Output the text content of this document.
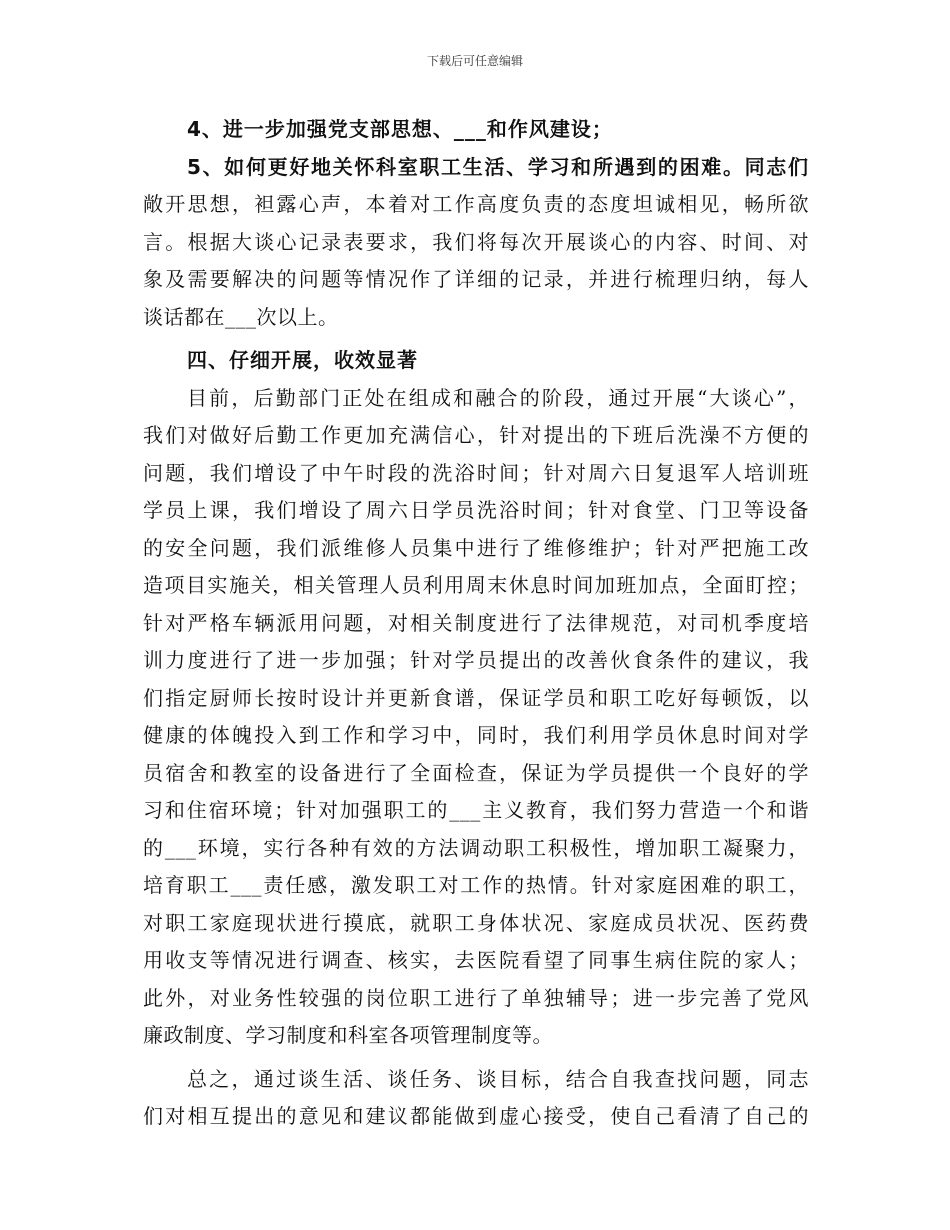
下载后可任意编辑
4、进一步加强党支部思想、___和作风建设；
5、如何更好地关怀科室职工生活、学习和所遇到的困难。同志们
敞开思想，袒露心声，本着对工作高度负责的态度坦诚相见，畅所欲
言。根据大谈心记录表要求，我们将每次开展谈心的内容、时间、对
象及需要解决的问题等情况作了详细的记录，并进行梳理归纳，每人
谈话都在___次以上。
四、仔细开展，收效显著
目前，后勤部门正处在组成和融合的阶段，通过开展“大谈心”，
我们对做好后勤工作更加充满信心，针对提出的下班后洗澡不方便的
问题，我们增设了中午时段的洗浴时间；针对周六日复退军人培训班
学员上课，我们增设了周六日学员洗浴时间；针对食堂、门卫等设备
的安全问题，我们派维修人员集中进行了维修维护；针对严把施工改
造项目实施关，相关管理人员利用周末休息时间加班加点，全面盯控；
针对严格车辆派用问题，对相关制度进行了法律规范，对司机季度培
训力度进行了进一步加强；针对学员提出的改善伙食条件的建议，我
们指定厨师长按时设计并更新食谱，保证学员和职工吃好每顿饭，以
健康的体魄投入到工作和学习中，同时，我们利用学员休息时间对学
员宿舍和教室的设备进行了全面检查，保证为学员提供一个良好的学
习和住宿环境；针对加强职工的___主义教育，我们努力营造一个和谐
的___环境，实行各种有效的方法调动职工积极性，增加职工凝聚力，
培育职工___责任感，激发职工对工作的热情。针对家庭困难的职工，
对职工家庭现状进行摸底，就职工身体状况、家庭成员状况、医药费
用收支等情况进行调查、核实，去医院看望了同事生病住院的家人；
此外，对业务性较强的岗位职工进行了单独辅导；进一步完善了党风
廉政制度、学习制度和科室各项管理制度等。
总之，通过谈生活、谈任务、谈目标，结合自我查找问题，同志
们对相互提出的意见和建议都能做到虚心接受，使自己看清了自己的
